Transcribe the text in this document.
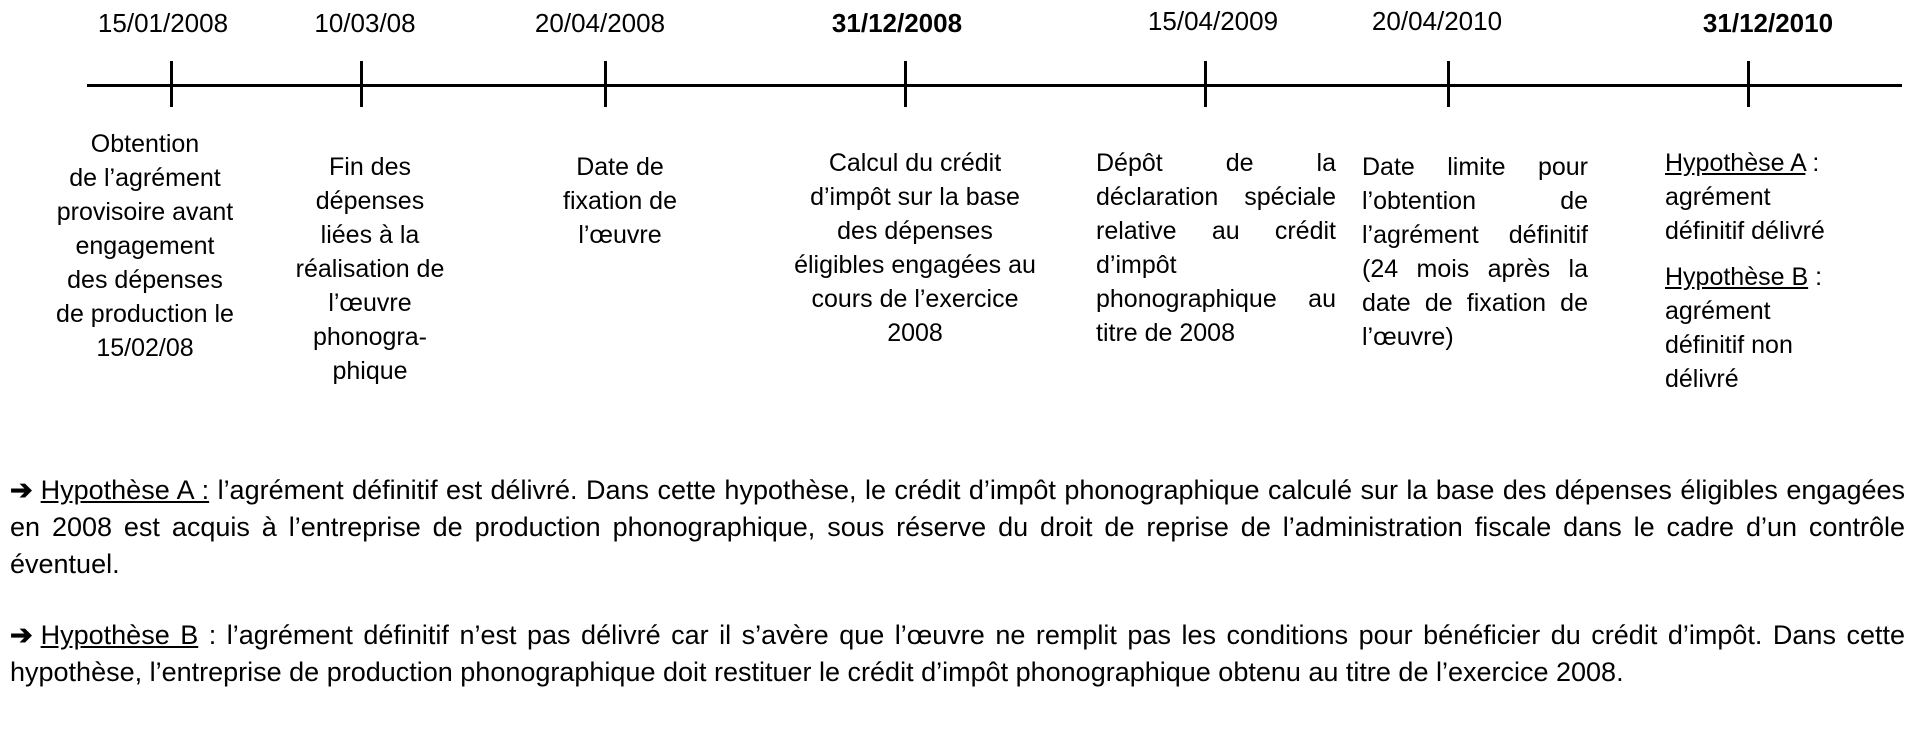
15/01/2008	10/03/08	20/04/2008	31/12/2008	15/04/2009	20/04/2010	31/12/2010
Obtention
de l’agrément
provisoire avant
engagement
des dépenses
de production le
15/02/08
Fin des
dépenses
liées à la
réalisation de
l’œuvre
phonogra-
phique
Date de
fixation de
l’œuvre
Calcul du crédit
d’impôt sur la base
des dépenses
éligibles engagées au
cours de l’exercice
2008
Dépôt de la déclaration spéciale relative au crédit d’impôt phonographique au titre de 2008
Date limite pour l’obtention de l’agrément définitif (24 mois après la date de fixation de l’œuvre)
Hypothèse A :
agrément
définitif délivré
Hypothèse B :
agrément
définitif non
délivré
➔ Hypothèse A : l’agrément définitif est délivré. Dans cette hypothèse, le crédit d’impôt phonographique calculé sur la base des dépenses éligibles engagées en 2008 est acquis à l’entreprise de production phonographique, sous réserve du droit de reprise de l’administration fiscale dans le cadre d’un contrôle éventuel.
➔ Hypothèse B : l’agrément définitif n’est pas délivré car il s’avère que l’œuvre ne remplit pas les conditions pour bénéficier du crédit d’impôt. Dans cette hypothèse, l’entreprise de production phonographique doit restituer le crédit d’impôt phonographique obtenu au titre de l’exercice 2008.
